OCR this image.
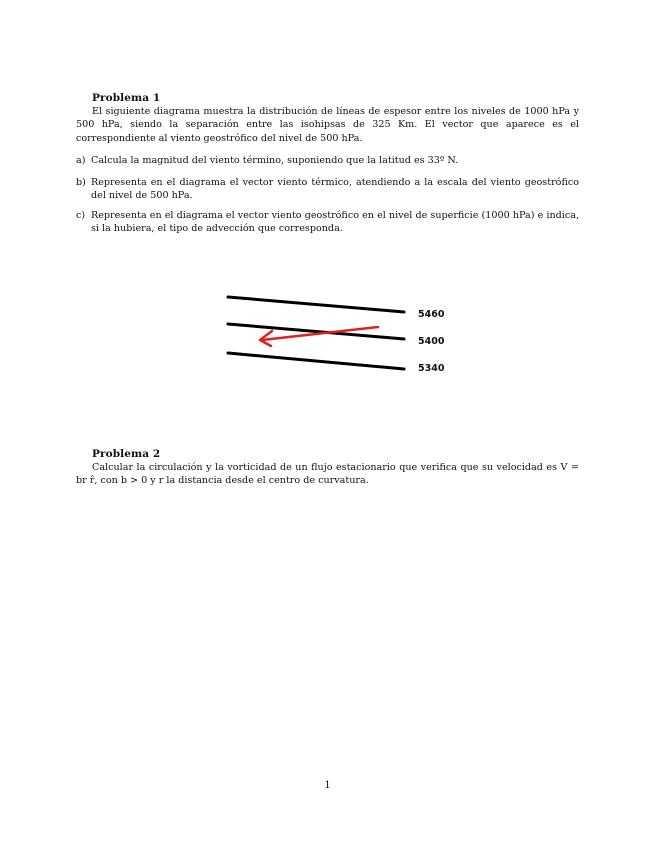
Problema 1
El siguiente diagrama muestra la distribución de líneas de espesor entre los niveles de 1000 hPa y 500 hPa, siendo la separación entre las isohipsas de 325 Km. El vector que aparece es el correspondiente al viento geostrófico del nivel de 500 hPa.
a) Calcula la magnitud del viento término, suponiendo que la latitud es 33º N.
b) Representa en el diagrama el vector viento térmico, atendiendo a la escala del viento geostrófico del nivel de 500 hPa.
c) Representa en el diagrama el vector viento geostrófico en el nivel de superficie (1000 hPa) e indica, si la hubiera, el tipo de advección que corresponda.
5460
5400
5340
Problema 2
Calcular la circulación y la vorticidad de un flujo estacionario que verifica que su velocidad es V = br r̂, con b > 0 y r la distancia desde el centro de curvatura.
1
